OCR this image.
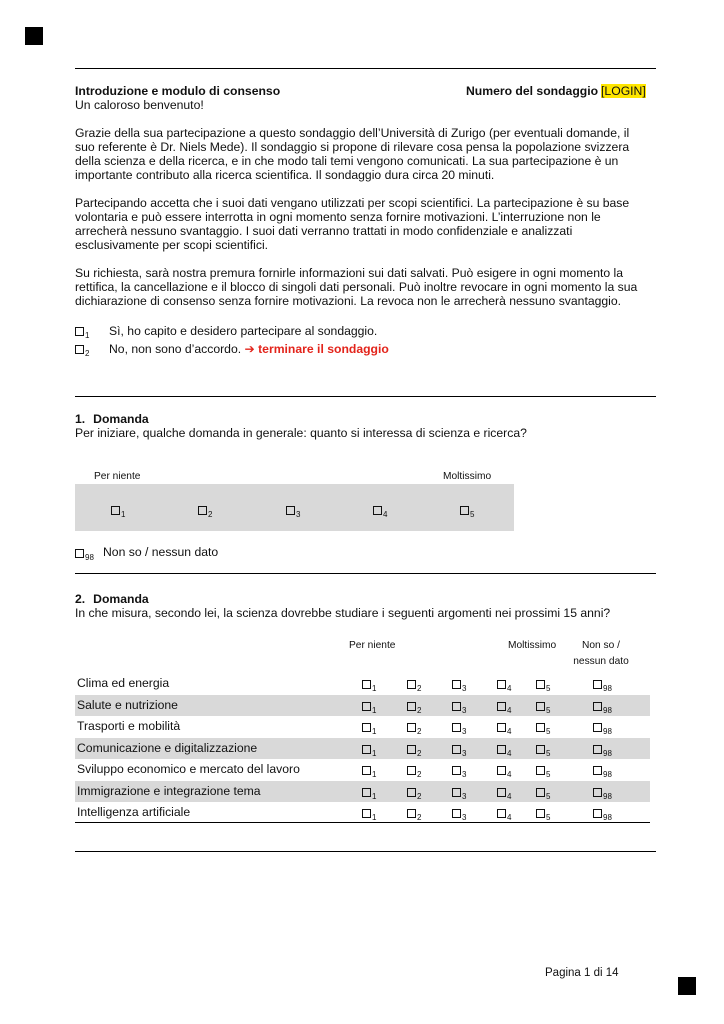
Introduzione e modulo di consenso	Numero del sondaggio [LOGIN]
Un caloroso benvenuto!
Grazie della sua partecipazione a questo sondaggio dell’Università di Zurigo (per eventuali domande, il suo referente è Dr. Niels Mede). Il sondaggio si propone di rilevare cosa pensa la popolazione svizzera della scienza e della ricerca, e in che modo tali temi vengono comunicati. La sua partecipazione è un importante contributo alla ricerca scientifica. Il sondaggio dura circa 20 minuti.
Partecipando accetta che i suoi dati vengano utilizzati per scopi scientifici. La partecipazione è su base volontaria e può essere interrotta in ogni momento senza fornire motivazioni. L’interruzione non le arrecherà nessuno svantaggio. I suoi dati verranno trattati in modo confidenziale e analizzati esclusivamente per scopi scientifici.
Su richiesta, sarà nostra premura fornirle informazioni sui dati salvati. Può esigere in ogni momento la rettifica, la cancellazione e il blocco di singoli dati personali. Può inoltre revocare in ogni momento la sua dichiarazione di consenso senza fornire motivazioni. La revoca non le arrecherà nessuno svantaggio.
$_1$ Sì, ho capito e desidero partecipare al sondaggio.
$_2$ No, non sono d’accordo. ➔ terminare il sondaggio
1. Domanda
Per iniziare, qualche domanda in generale: quanto si interessa di scienza e ricerca?
Per niente	Moltissimo
$_1$	$_2$	$_3$	$_4$	$_5$
$_{98}$ Non so / nessun dato
2. Domanda
In che misura, secondo lei, la scienza dovrebbe studiare i seguenti argomenti nei prossimi 15 anni?
Per niente	Moltissimo	Non so /
nessun dato
Clima ed energia	$_1$	$_2$	$_3$	$_4$	$_5$	$_{98}$
Salute e nutrizione	$_1$	$_2$	$_3$	$_4$	$_5$	$_{98}$
Trasporti e mobilità	$_1$	$_2$	$_3$	$_4$	$_5$	$_{98}$
Comunicazione e digitalizzazione	$_1$	$_2$	$_3$	$_4$	$_5$	$_{98}$
Sviluppo economico e mercato del lavoro	$_1$	$_2$	$_3$	$_4$	$_5$	$_{98}$
Immigrazione e integrazione tema	$_1$	$_2$	$_3$	$_4$	$_5$	$_{98}$
Intelligenza artificiale	$_1$	$_2$	$_3$	$_4$	$_5$	$_{98}$
Pagina 1 di 14
